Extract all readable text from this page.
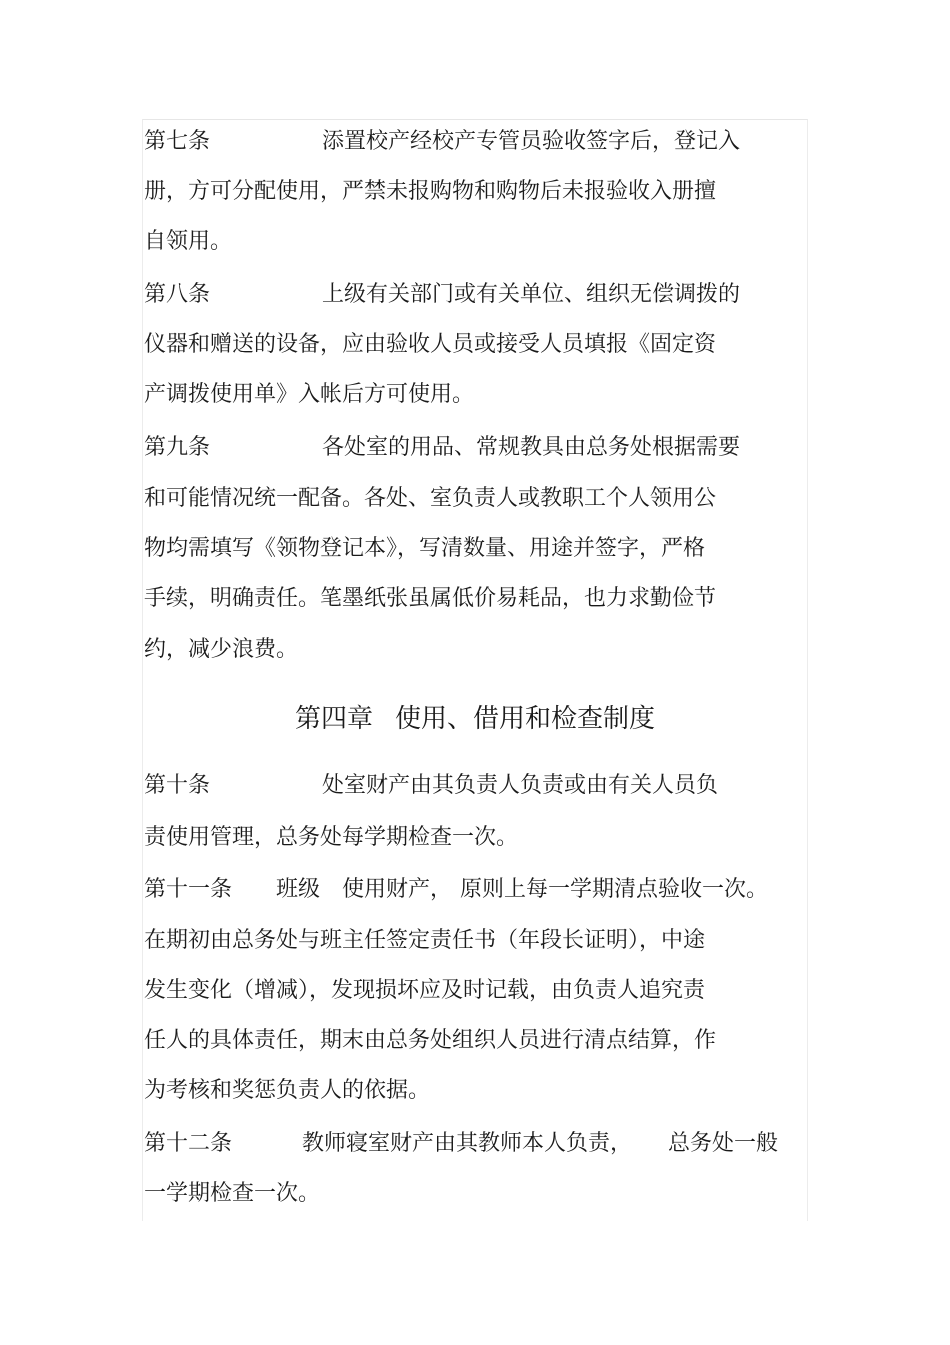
第七条	添置校产经校产专管员验收签字后，登记入
册，方可分配使用，严禁未报购物和购物后未报验收入册擅
自领用。
第八条	上级有关部门或有关单位、组织无偿调拨的
仪器和赠送的设备，应由验收人员或接受人员填报《固定资
产调拨使用单》入帐后方可使用。
第九条	各处室的用品、常规教具由总务处根据需要
和可能情况统一配备。各处、室负责人或教职工个人领用公
物均需填写《领物登记本》，写清数量、用途并签字，严格
手续，明确责任。笔墨纸张虽属低价易耗品，也力求勤俭节
约，减少浪费。
第四章 使用、借用和检查制度
第十条	处室财产由其负责人负责或由有关人员负
责使用管理，总务处每学期检查一次。
第十一条 班级 使用财产， 原则上每一学期清点验收一次。
在期初由总务处与班主任签定责任书（年段长证明），中途
发生变化（增减），发现损坏应及时记载，由负责人追究责
任人的具体责任，期末由总务处组织人员进行清点结算，作
为考核和奖惩负责人的依据。
第十二条	教师寝室财产由其教师本人负责， 总务处一般
一学期检查一次。
